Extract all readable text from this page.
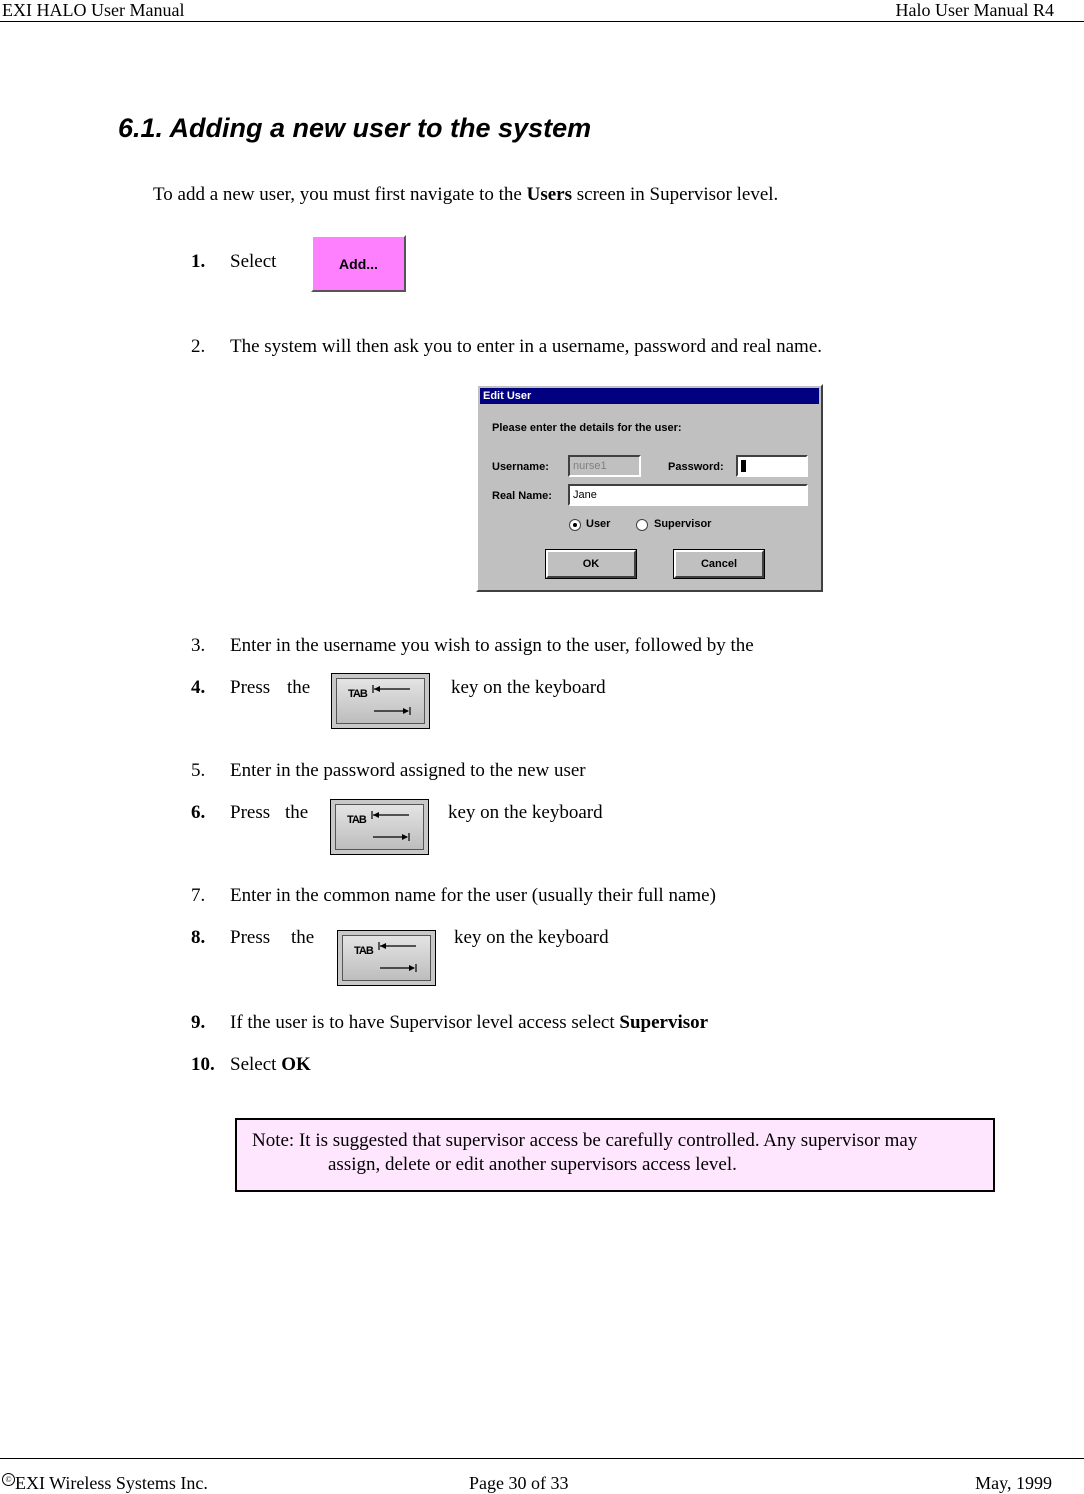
EXI HALO User Manual	Halo User Manual R4
6.1. Adding a new user to the system
To add a new user, you must first navigate to the Users screen in Supervisor level.
1. Select	Add...
2. The system will then ask you to enter in a username, password and real name.
Edit User
Please enter the details for the user:
Username:	nurse1	Password:
Real Name:	Jane
User	Supervisor
OK	Cancel
3. Enter in the username you wish to assign to the user, followed by the
4. Press the	TAB	key on the keyboard
5. Enter in the password assigned to the new user
6. Press the	TAB	key on the keyboard
7. Enter in the common name for the user (usually their full name)
8. Press the
TAB
key on the keyboard
9. If the user is to have Supervisor level access select Supervisor
10. Select OK
Note: It is suggested that supervisor access be carefully controlled. Any supervisor may
assign, delete or edit another supervisors access level.
© EXI Wireless Systems Inc.	Page 30 of 33	May, 1999
